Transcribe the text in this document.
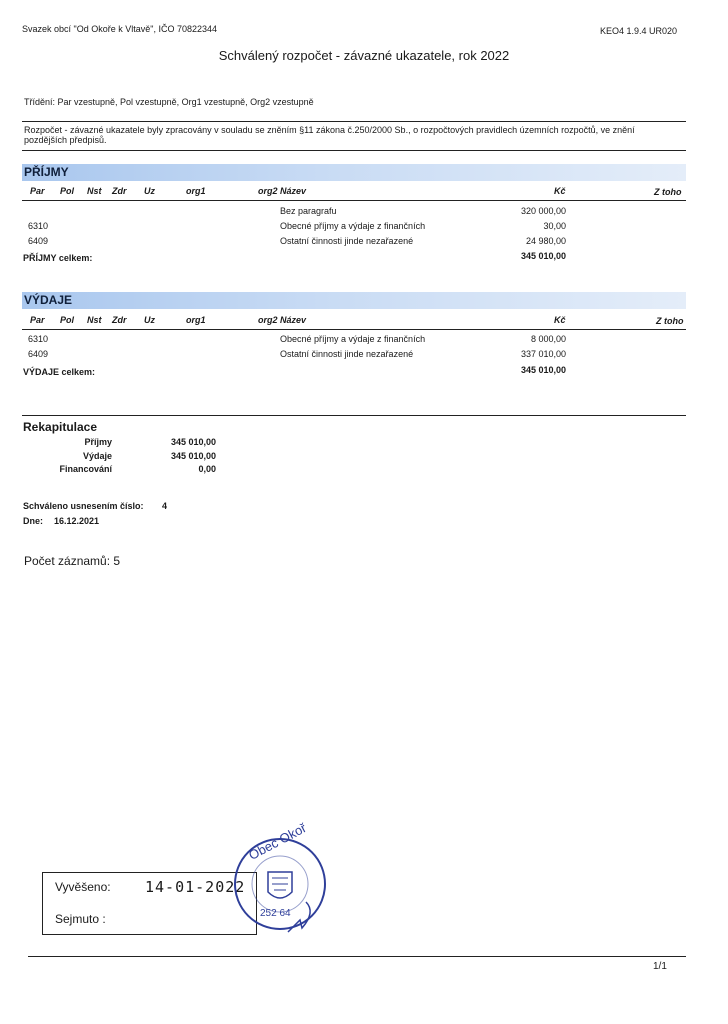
Svazek obcí "Od Okoře k Vltavě", IČO 70822344	KEO4 1.9.4 UR020
Schválený rozpočet - závazné ukazatele, rok 2022
Třídění: Par vzestupně, Pol vzestupně, Org1 vzestupně, Org2 vzestupně
Rozpočet - závazné ukazatele byly zpracovány v souladu se zněním §11 zákona č.250/2000 Sb., o rozpočtových pravidlech územních rozpočtů, ve znění
pozdějších předpisů.
PŘÍJMY
Par Pol Nst Zdr Uz	org1	org2 Název	Kč	Z toho
Bez paragrafu	320 000,00
6310	Obecné příjmy a výdaje z finančních	30,00
6409	Ostatní činnosti jinde nezařazené	24 980,00
PŘÍJMY celkem:	345 010,00
VÝDAJE
Par Pol Nst Zdr Uz	org1	org2 Název	Kč	Z toho
6310	Obecné příjmy a výdaje z finančních	8 000,00
6409	Ostatní činnosti jinde nezařazené	337 010,00
VÝDAJE celkem:	345 010,00
Rekapitulace
Příjmy	345 010,00
Výdaje	345 010,00
Financování	0,00
Schváleno usnesením číslo: 4
Dne: 16.12.2021
Počet záznamů: 5
Vyvěšeno: 14-01-2022
Sejmuto :
Obec Okoř
252 64
1/1
